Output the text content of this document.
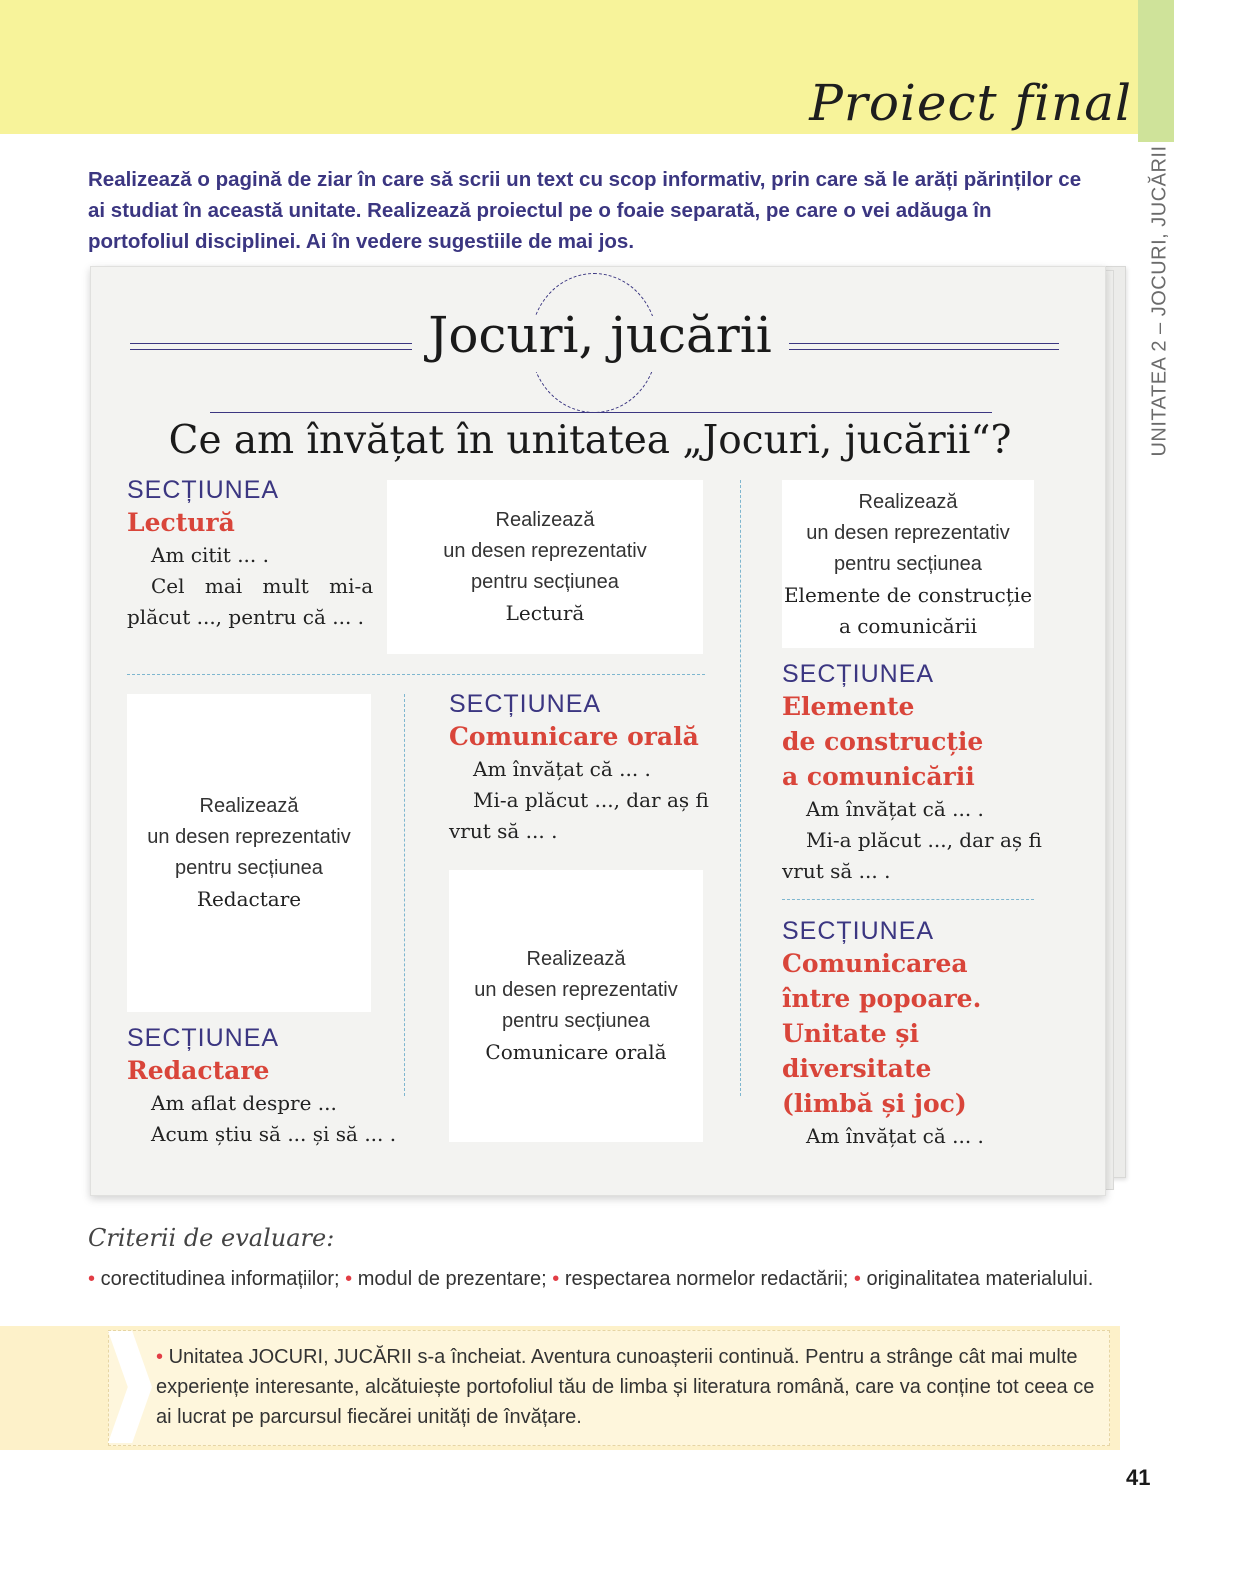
Proiect final
UNITATEA 2 – JOCURI, JUCĂRII
Realizează o pagină de ziar în care să scrii un text cu scop informativ, prin care să le arăți părinților ce ai studiat în această unitate. Realizează proiectul pe o foaie separată, pe care o vei adăuga în portofoliul disciplinei. Ai în vedere sugestiile de mai jos.
Jocuri, jucării
Ce am învățat în unitatea „Jocuri, jucării“?
SECȚIUNEA
Lectură
Am citit ... .
Cel mai mult mi-a
plăcut ..., pentru că ... .
Realizează
un desen reprezentativ
pentru secțiunea
Lectură
Realizează
un desen reprezentativ
pentru secțiunea
Elemente de construcție
a comunicării
Realizează
un desen reprezentativ
pentru secțiunea
Redactare
SECȚIUNEA
Comunicare orală
Am învățat că ... .
Mi-a plăcut ..., dar aș fi
vrut să ... .
Realizează
un desen reprezentativ
pentru secțiunea
Comunicare orală
SECȚIUNEA
Elemente
de construcție
a comunicării
Am învățat că ... .
Mi-a plăcut ..., dar aș fi
vrut să ... .
SECȚIUNEA
Redactare
Am aflat despre ...
Acum știu să ... și să ... .
SECȚIUNEA
Comunicarea
între popoare.
Unitate și
diversitate
(limbă și joc)
Am învățat că ... .
Criterii de evaluare:
• corectitudinea informațiilor; • modul de prezentare; • respectarea normelor redactării; • originalitatea materialului.
• Unitatea JOCURI, JUCĂRII s-a încheiat. Aventura cunoașterii continuă. Pentru a strânge cât mai multe experiențe interesante, alcătuiește portofoliul tău de limba și literatura română, care va conține tot ceea ce ai lucrat pe parcursul fiecărei unități de învățare.
41
